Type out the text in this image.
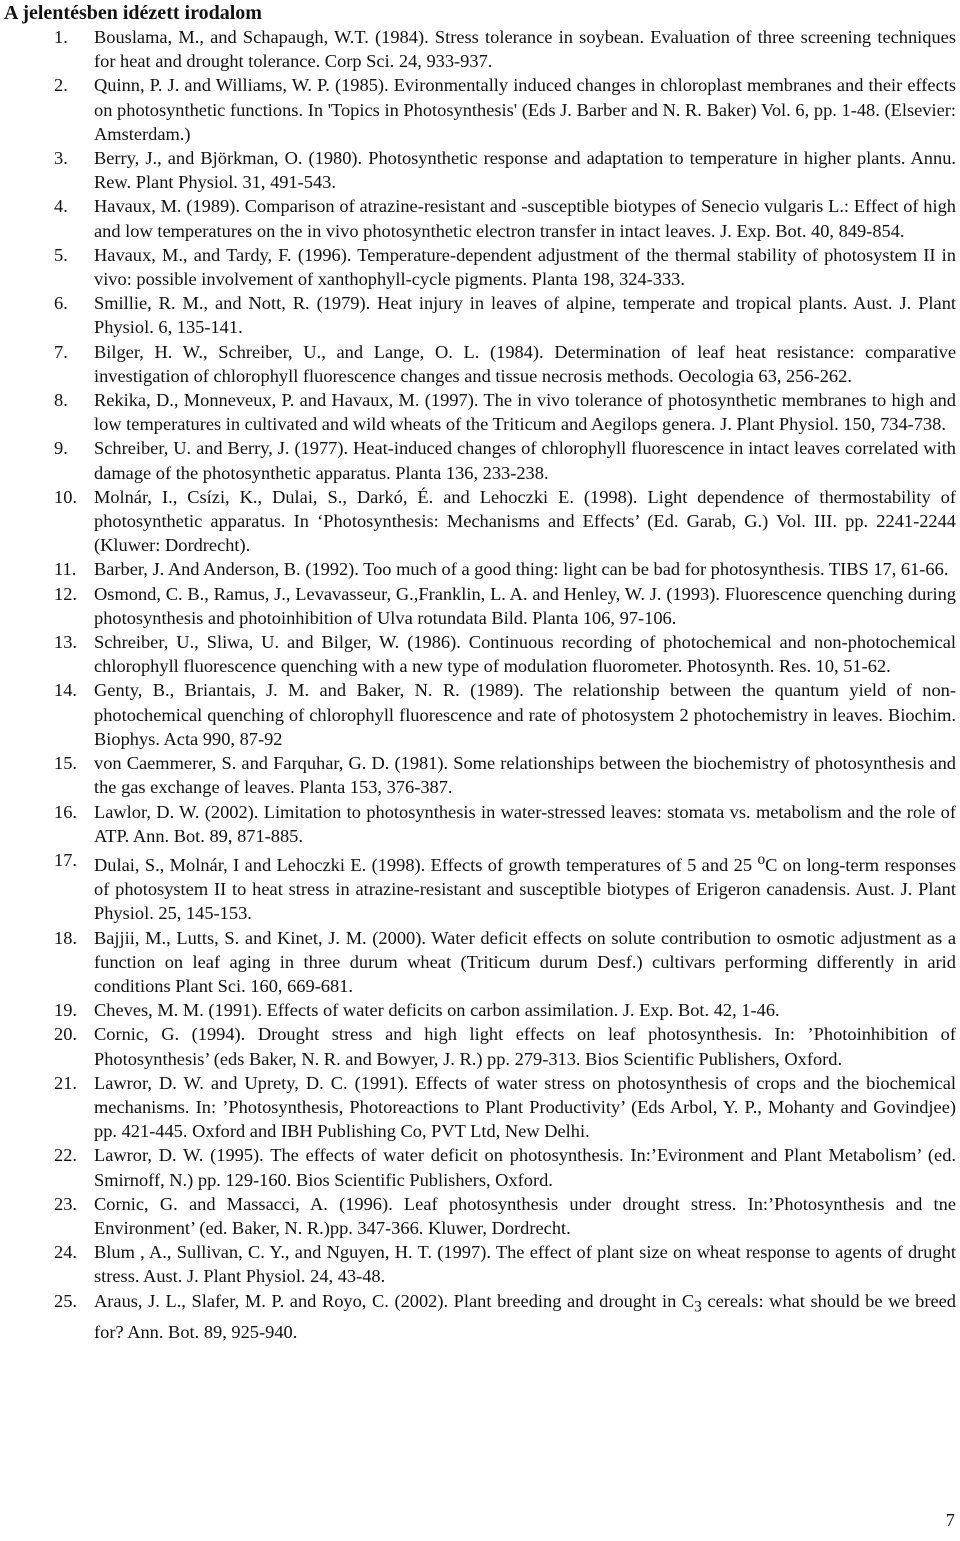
A jelentésben idézett irodalom
1. Bouslama, M., and Schapaugh, W.T. (1984). Stress tolerance in soybean. Evaluation of three screening techniques for heat and drought tolerance. Corp Sci. 24, 933-937.
2. Quinn, P. J. and Williams, W. P. (1985). Evironmentally induced changes in chloroplast membranes and their effects on photosynthetic functions. In 'Topics in Photosynthesis' (Eds J. Barber and N. R. Baker) Vol. 6, pp. 1-48. (Elsevier: Amsterdam.)
3. Berry, J., and Björkman, O. (1980). Photosynthetic response and adaptation to temperature in higher plants. Annu. Rew. Plant Physiol. 31, 491-543.
4. Havaux, M. (1989). Comparison of atrazine-resistant and -susceptible biotypes of Senecio vulgaris L.: Effect of high and low temperatures on the in vivo photosynthetic electron transfer in intact leaves. J. Exp. Bot. 40, 849-854.
5. Havaux, M., and Tardy, F. (1996). Temperature-dependent adjustment of the thermal stability of photosystem II in vivo: possible involvement of xanthophyll-cycle pigments. Planta 198, 324-333.
6. Smillie, R. M., and Nott, R. (1979). Heat injury in leaves of alpine, temperate and tropical plants. Aust. J. Plant Physiol. 6, 135-141.
7. Bilger, H. W., Schreiber, U., and Lange, O. L. (1984). Determination of leaf heat resistance: comparative investigation of chlorophyll fluorescence changes and tissue necrosis methods. Oecologia 63, 256-262.
8. Rekika, D., Monneveux, P. and Havaux, M. (1997). The in vivo tolerance of photosynthetic membranes to high and low temperatures in cultivated and wild wheats of the Triticum and Aegilops genera. J. Plant Physiol. 150, 734-738.
9. Schreiber, U. and Berry, J. (1977). Heat-induced changes of chlorophyll fluorescence in intact leaves correlated with damage of the photosynthetic apparatus. Planta 136, 233-238.
10. Molnár, I., Csízi, K., Dulai, S., Darkó, É. and Lehoczki E. (1998). Light dependence of thermostability of photosynthetic apparatus. In ‘Photosynthesis: Mechanisms and Effects’ (Ed. Garab, G.) Vol. III. pp. 2241-2244 (Kluwer: Dordrecht).
11. Barber, J. And Anderson, B. (1992). Too much of a good thing: light can be bad for photosynthesis. TIBS 17, 61-66.
12. Osmond, C. B., Ramus, J., Levavasseur, G.,Franklin, L. A. and Henley, W. J. (1993). Fluorescence quenching during photosynthesis and photoinhibition of Ulva rotundata Bild. Planta 106, 97-106.
13. Schreiber, U., Sliwa, U. and Bilger, W. (1986). Continuous recording of photochemical and non-photochemical chlorophyll fluorescence quenching with a new type of modulation fluorometer. Photosynth. Res. 10, 51-62.
14. Genty, B., Briantais, J. M. and Baker, N. R. (1989). The relationship between the quantum yield of non-photochemical quenching of chlorophyll fluorescence and rate of photosystem 2 photochemistry in leaves. Biochim. Biophys. Acta 990, 87-92
15. von Caemmerer, S. and Farquhar, G. D. (1981). Some relationships between the biochemistry of photosynthesis and the gas exchange of leaves. Planta 153, 376-387.
16. Lawlor, D. W. (2002). Limitation to photosynthesis in water-stressed leaves: stomata vs. metabolism and the role of ATP. Ann. Bot. 89, 871-885.
17. Dulai, S., Molnár, I and Lehoczki E. (1998). Effects of growth temperatures of 5 and 25 $^o$C on long-term responses of photosystem II to heat stress in atrazine-resistant and susceptible biotypes of Erigeron canadensis. Aust. J. Plant Physiol. 25, 145-153.
18. Bajjii, M., Lutts, S. and Kinet, J. M. (2000). Water deficit effects on solute contribution to osmotic adjustment as a function on leaf aging in three durum wheat (Triticum durum Desf.) cultivars performing differently in arid conditions Plant Sci. 160, 669-681.
19. Cheves, M. M. (1991). Effects of water deficits on carbon assimilation. J. Exp. Bot. 42, 1-46.
20. Cornic, G. (1994). Drought stress and high light effects on leaf photosynthesis. In: ’Photoinhibition of Photosynthesis’ (eds Baker, N. R. and Bowyer, J. R.) pp. 279-313. Bios Scientific Publishers, Oxford.
21. Lawror, D. W. and Uprety, D. C. (1991). Effects of water stress on photosynthesis of crops and the biochemical mechanisms. In: ’Photosynthesis, Photoreactions to Plant Productivity’ (Eds Arbol, Y. P., Mohanty and Govindjee) pp. 421-445. Oxford and IBH Publishing Co, PVT Ltd, New Delhi.
22. Lawror, D. W. (1995). The effects of water deficit on photosynthesis. In:’Evironment and Plant Metabolism’ (ed. Smirnoff, N.) pp. 129-160. Bios Scientific Publishers, Oxford.
23. Cornic, G. and Massacci, A. (1996). Leaf photosynthesis under drought stress. In:’Photosynthesis and tne Environment’ (ed. Baker, N. R.)pp. 347-366. Kluwer, Dordrecht.
24. Blum , A., Sullivan, C. Y., and Nguyen, H. T. (1997). The effect of plant size on wheat response to agents of drught stress. Aust. J. Plant Physiol. 24, 43-48.
25. Araus, J. L., Slafer, M. P. and Royo, C. (2002). Plant breeding and drought in $C_3$ cereals: what should be we breed for? Ann. Bot. 89, 925-940.
7
